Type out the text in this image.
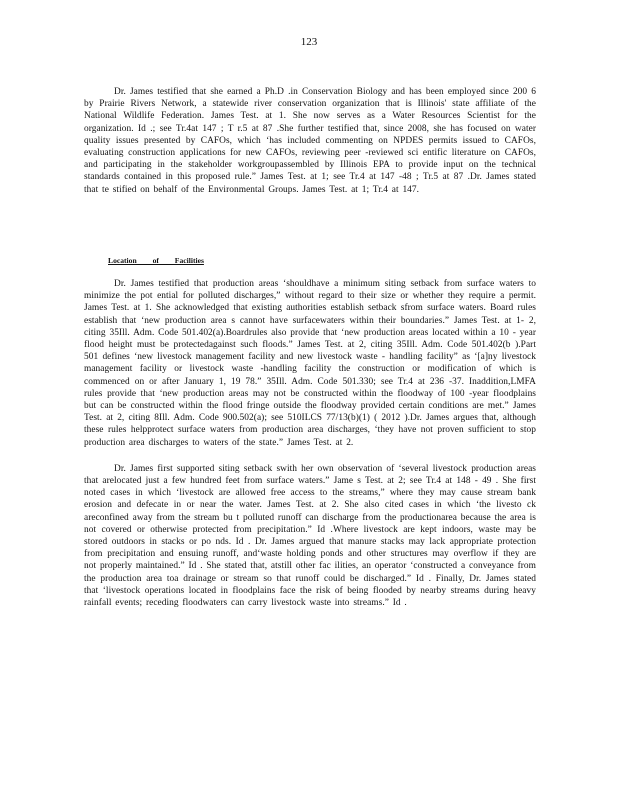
123

Dr. James testified that she earned a Ph.D .in Conservation Biology and has been employed since 200 6 by Prairie Rivers Network, a statewide river conservation organization that is Illinois' state affiliate of the National Wildlife Federation. James Test. at 1. She now serves as a Water Resources Scientist for the organization. Id .; see Tr.4at 147 ; T r.5 at 87 .She further testified that, since 2008, she has focused on water quality issues presented by CAFOs, which ‘has included commenting on NPDES permits issued to CAFOs, evaluating construction applications for new CAFOs, reviewing peer -reviewed sci entific literature on CAFOs, and participating in the stakeholder workgroupassembled by Illinois EPA to provide input on the technical standards contained in this proposed rule.” James Test. at 1; see Tr.4 at 147 -48 ; Tr.5 at 87 .Dr. James stated that te stified on behalf of the Environmental Groups. James Test. at 1; Tr.4 at 147.

Location of Facilities

Dr. James testified that production areas ‘shouldhave a minimum siting setback from surface waters to minimize the pot ential for polluted discharges,” without regard to their size or whether they require a permit. James Test. at 1. She acknowledged that existing authorities establish setback sfrom surface waters. Board rules establish that ‘new production area s cannot have surfacewaters within their boundaries.” James Test. at 1- 2, citing 35Ill. Adm. Code 501.402(a).Boardrules also provide that ‘new production areas located within a 10 - year flood height must be protectedagainst such floods.” James Test. at 2, citing 35Ill. Adm. Code 501.402(b ).Part 501 defines ‘new livestock management facility and new livestock waste - handling facility” as ‘[a]ny livestock management facility or livestock waste -handling facility the construction or modification of which is commenced on or after January 1, 19 78.” 35Ill. Adm. Code 501.330; see Tr.4 at 236 -37. Inaddition,LMFA rules provide that ‘new production areas may not be constructed within the floodway of 100 -year floodplains but can be constructed within the flood fringe outside the floodway provided certain conditions are met.” James Test. at 2, citing 8Ill. Adm. Code 900.502(a); see 510ILCS 77/13(b)(1) ( 2012 ).Dr. James argues that, although these rules helpprotect surface waters from production area discharges, ‘they have not proven sufficient to stop production area discharges to waters of the state.” James Test. at 2.

Dr. James first supported siting setback swith her own observation of ‘several livestock production areas that arelocated just a few hundred feet from surface waters.” Jame s Test. at 2; see Tr.4 at 148 - 49 . She first noted cases in which ‘livestock are allowed free access to the streams,” where they may cause stream bank erosion and defecate in or near the water. James Test. at 2. She also cited cases in which ‘the livesto ck areconfined away from the stream bu t polluted runoff can discharge from the productionarea because the area is not covered or otherwise protected from precipitation.” Id .Where livestock are kept indoors, waste may be stored outdoors in stacks or po nds. Id . Dr. James argued that manure stacks may lack appropriate protection from precipitation and ensuing runoff, and‘waste holding ponds and other structures may overflow if they are not properly maintained.” Id . She stated that, atstill other fac ilities, an operator ‘constructed a conveyance from the production area toa drainage or stream so that runoff could be discharged.” Id . Finally, Dr. James stated that ‘livestock operations located in floodplains face the risk of being flooded by nearby streams during heavy rainfall events; receding floodwaters can carry livestock waste into streams.” Id .
